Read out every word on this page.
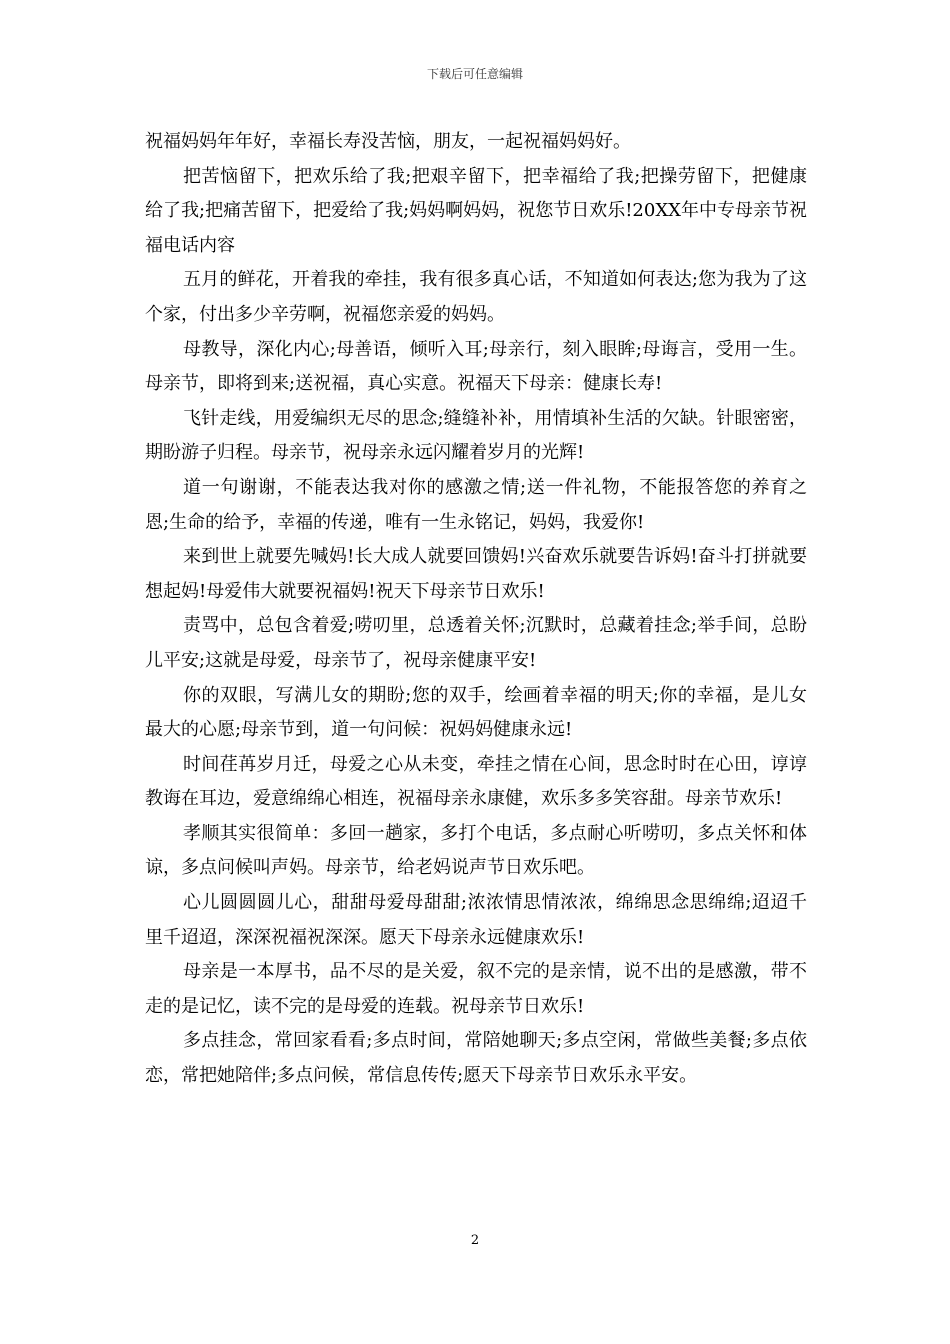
下载后可任意编辑

祝福妈妈年年好，幸福长寿没苦恼，朋友，一起祝福妈妈好。

把苦恼留下，把欢乐给了我;把艰辛留下，把幸福给了我;把操劳留下，把健康给了我;把痛苦留下，把爱给了我;妈妈啊妈妈，祝您节日欢乐!20XX年中专母亲节祝福电话内容

五月的鲜花，开着我的牵挂，我有很多真心话，不知道如何表达;您为我为了这个家，付出多少辛劳啊，祝福您亲爱的妈妈。

母教导，深化内心;母善语，倾听入耳;母亲行，刻入眼眸;母诲言，受用一生。母亲节，即将到来;送祝福，真心实意。祝福天下母亲：健康长寿!

飞针走线，用爱编织无尽的思念;缝缝补补，用情填补生活的欠缺。针眼密密，期盼游子归程。母亲节，祝母亲永远闪耀着岁月的光辉!

道一句谢谢，不能表达我对你的感激之情;送一件礼物，不能报答您的养育之恩;生命的给予，幸福的传递，唯有一生永铭记，妈妈，我爱你!

来到世上就要先喊妈!长大成人就要回馈妈!兴奋欢乐就要告诉妈!奋斗打拼就要想起妈!母爱伟大就要祝福妈!祝天下母亲节日欢乐!

责骂中，总包含着爱;唠叨里，总透着关怀;沉默时，总藏着挂念;举手间，总盼儿平安;这就是母爱，母亲节了，祝母亲健康平安!

你的双眼，写满儿女的期盼;您的双手，绘画着幸福的明天;你的幸福，是儿女最大的心愿;母亲节到，道一句问候：祝妈妈健康永远!

时间荏苒岁月迁，母爱之心从未变，牵挂之情在心间，思念时时在心田，谆谆教诲在耳边，爱意绵绵心相连，祝福母亲永康健，欢乐多多笑容甜。母亲节欢乐!

孝顺其实很简单：多回一趟家，多打个电话，多点耐心听唠叨，多点关怀和体谅，多点问候叫声妈。母亲节，给老妈说声节日欢乐吧。

心儿圆圆圆儿心，甜甜母爱母甜甜;浓浓情思情浓浓，绵绵思念思绵绵;迢迢千里千迢迢，深深祝福祝深深。愿天下母亲永远健康欢乐!

母亲是一本厚书，品不尽的是关爱，叙不完的是亲情，说不出的是感激，带不走的是记忆，读不完的是母爱的连载。祝母亲节日欢乐!

多点挂念，常回家看看;多点时间，常陪她聊天;多点空闲，常做些美餐;多点依恋，常把她陪伴;多点问候，常信息传传;愿天下母亲节日欢乐永平安。

2
